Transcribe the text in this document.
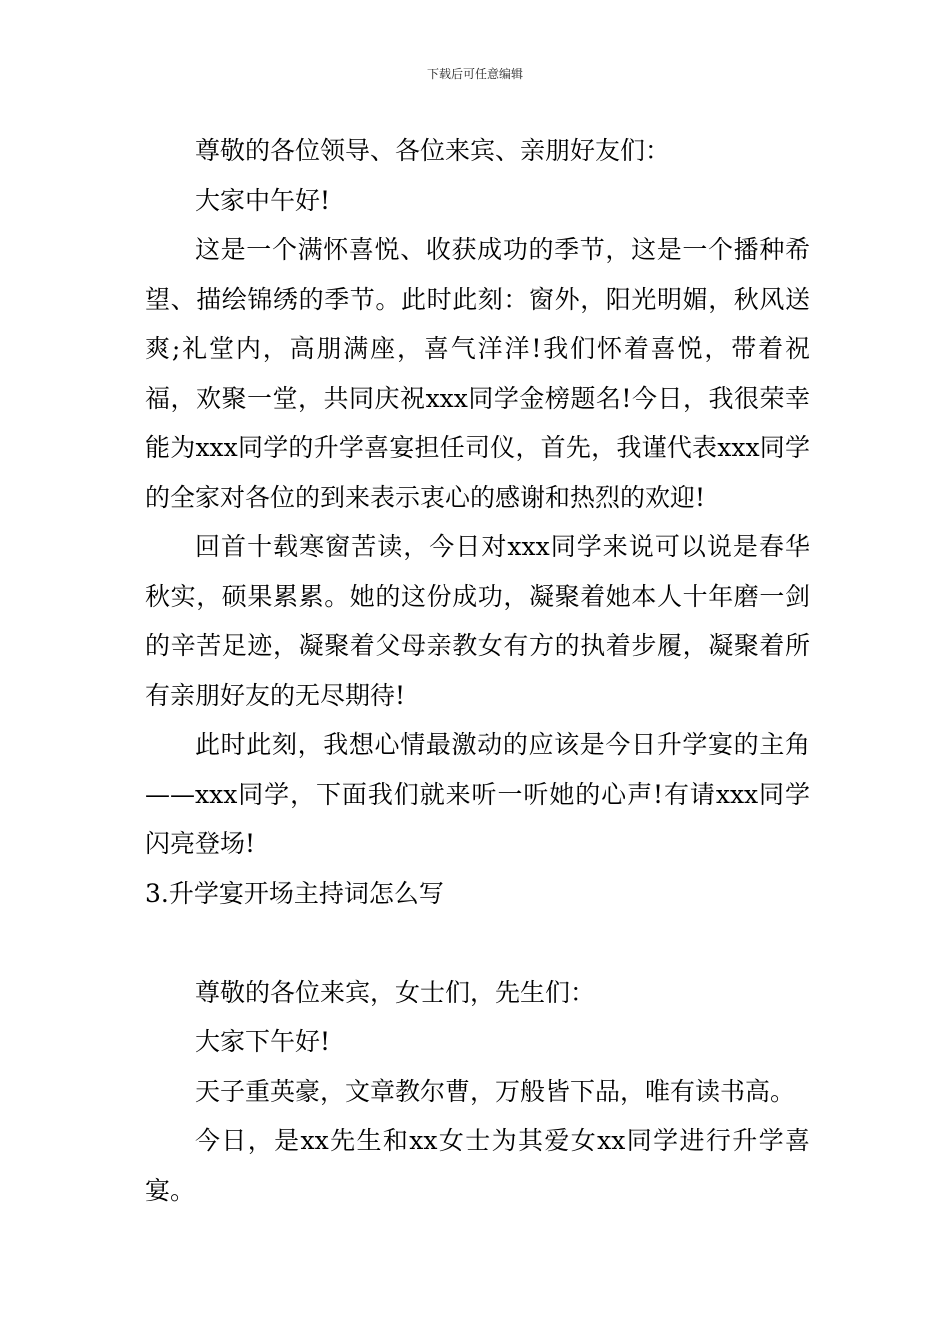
下载后可任意编辑

尊敬的各位领导、各位来宾、亲朋好友们：

大家中午好!

这是一个满怀喜悦、收获成功的季节，这是一个播种希望、描绘锦绣的季节。此时此刻：窗外，阳光明媚，秋风送爽;礼堂内，高朋满座，喜气洋洋!我们怀着喜悦，带着祝福，欢聚一堂，共同庆祝xxx同学金榜题名!今日，我很荣幸能为xxx同学的升学喜宴担任司仪，首先，我谨代表xxx同学的全家对各位的到来表示衷心的感谢和热烈的欢迎!

回首十载寒窗苦读，今日对xxx同学来说可以说是春华秋实，硕果累累。她的这份成功，凝聚着她本人十年磨一剑的辛苦足迹，凝聚着父母亲教女有方的执着步履，凝聚着所有亲朋好友的无尽期待!

此时此刻，我想心情最激动的应该是今日升学宴的主角——xxx同学，下面我们就来听一听她的心声!有请xxx同学闪亮登场!

3.升学宴开场主持词怎么写

尊敬的各位来宾，女士们，先生们：

大家下午好!

天子重英豪，文章教尔曹，万般皆下品，唯有读书高。

今日，是xx先生和xx女士为其爱女xx同学进行升学喜宴。
